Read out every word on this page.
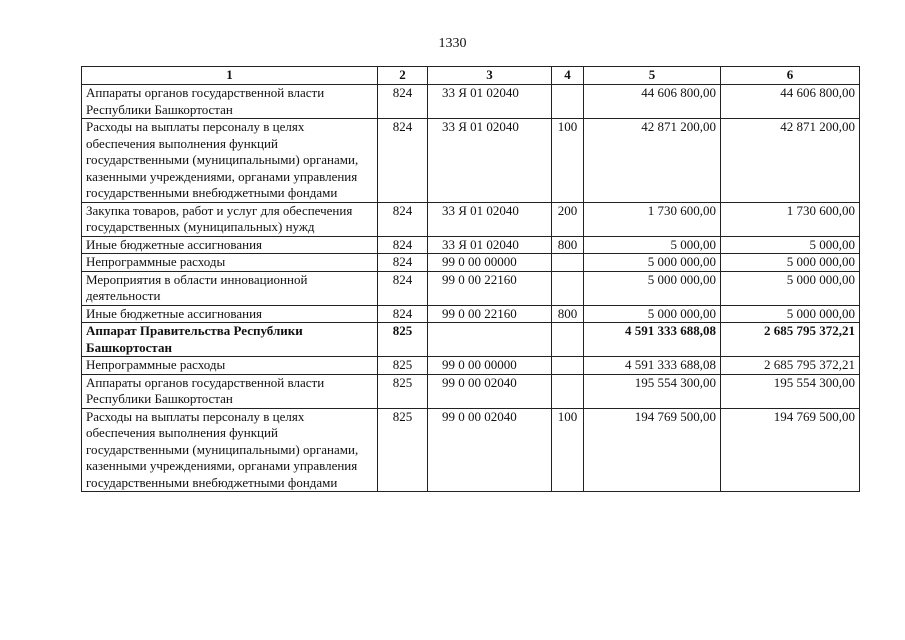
1330
1	2	3	4	5	6
Аппараты органов государственной власти Республики Башкортостан	824	33 Я 01 02040		44 606 800,00	44 606 800,00
Расходы на выплаты персоналу в целях обеспечения выполнения функций государственными (муниципальными) органами, казенными учреждениями, органами управления государственными внебюджетными фондами	824	33 Я 01 02040	100	42 871 200,00	42 871 200,00
Закупка товаров, работ и услуг для обеспечения государственных (муниципальных) нужд	824	33 Я 01 02040	200	1 730 600,00	1 730 600,00
Иные бюджетные ассигнования	824	33 Я 01 02040	800	5 000,00	5 000,00
Непрограммные расходы	824	99 0 00 00000		5 000 000,00	5 000 000,00
Мероприятия в области инновационной деятельности	824	99 0 00 22160		5 000 000,00	5 000 000,00
Иные бюджетные ассигнования	824	99 0 00 22160	800	5 000 000,00	5 000 000,00
Аппарат Правительства Республики Башкортостан	825			4 591 333 688,08	2 685 795 372,21
Непрограммные расходы	825	99 0 00 00000		4 591 333 688,08	2 685 795 372,21
Аппараты органов государственной власти Республики Башкортостан	825	99 0 00 02040		195 554 300,00	195 554 300,00
Расходы на выплаты персоналу в целях обеспечения выполнения функций государственными (муниципальными) органами, казенными учреждениями, органами управления государственными внебюджетными фондами	825	99 0 00 02040	100	194 769 500,00	194 769 500,00
